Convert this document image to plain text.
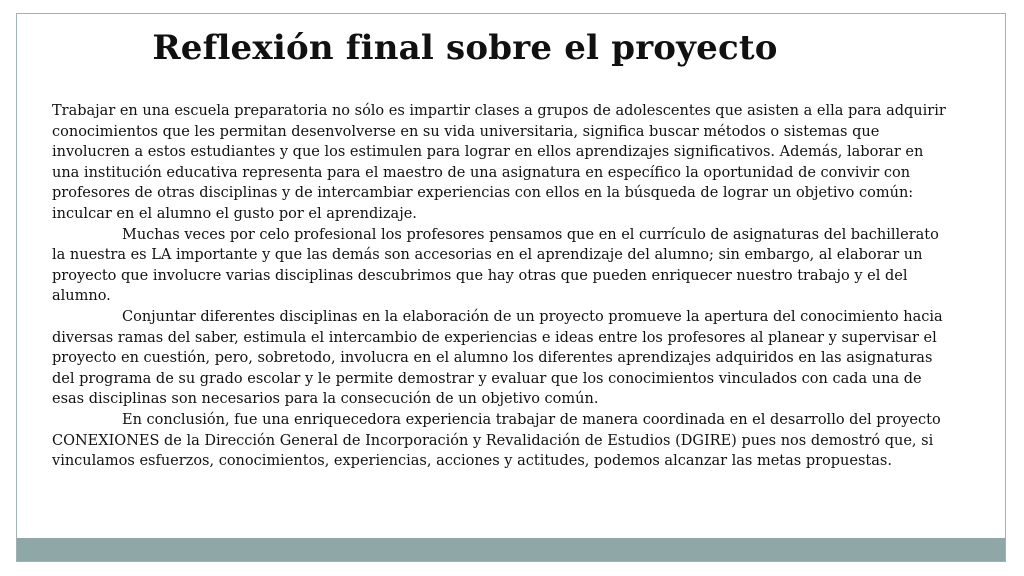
Reflexión final sobre el proyecto

Trabajar en una escuela preparatoria no sólo es impartir clases a grupos de adolescentes que asisten a ella para adquirir conocimientos que les permitan desenvolverse en su vida universitaria, significa buscar métodos o sistemas que involucren a estos estudiantes y que los estimulen para lograr en ellos aprendizajes significativos. Además, laborar en una institución educativa representa para el maestro de una asignatura en específico la oportunidad de convivir con profesores de otras disciplinas y de intercambiar experiencias con ellos en la búsqueda de lograr un objetivo común: inculcar en el alumno el gusto por el aprendizaje.

Muchas veces por celo profesional los profesores pensamos que en el currículo de asignaturas del bachillerato la nuestra es LA importante y que las demás son accesorias en el aprendizaje del alumno; sin embargo, al elaborar un proyecto que involucre varias disciplinas descubrimos que hay otras que pueden enriquecer nuestro trabajo y el del alumno.

Conjuntar diferentes disciplinas en la elaboración de un proyecto promueve la apertura del conocimiento hacia diversas ramas del saber, estimula el intercambio de experiencias e ideas entre los profesores al planear y supervisar el proyecto en cuestión, pero, sobretodo, involucra en el alumno los diferentes aprendizajes adquiridos en las asignaturas del programa de su grado escolar y le permite demostrar y evaluar que los conocimientos vinculados con cada una de esas disciplinas son necesarios para la consecución de un objetivo común.

En conclusión, fue una enriquecedora experiencia trabajar de manera coordinada en el desarrollo del proyecto CONEXIONES de la Dirección General de Incorporación y Revalidación de Estudios (DGIRE) pues nos demostró que, si vinculamos esfuerzos, conocimientos, experiencias, acciones y actitudes, podemos alcanzar las metas propuestas.
